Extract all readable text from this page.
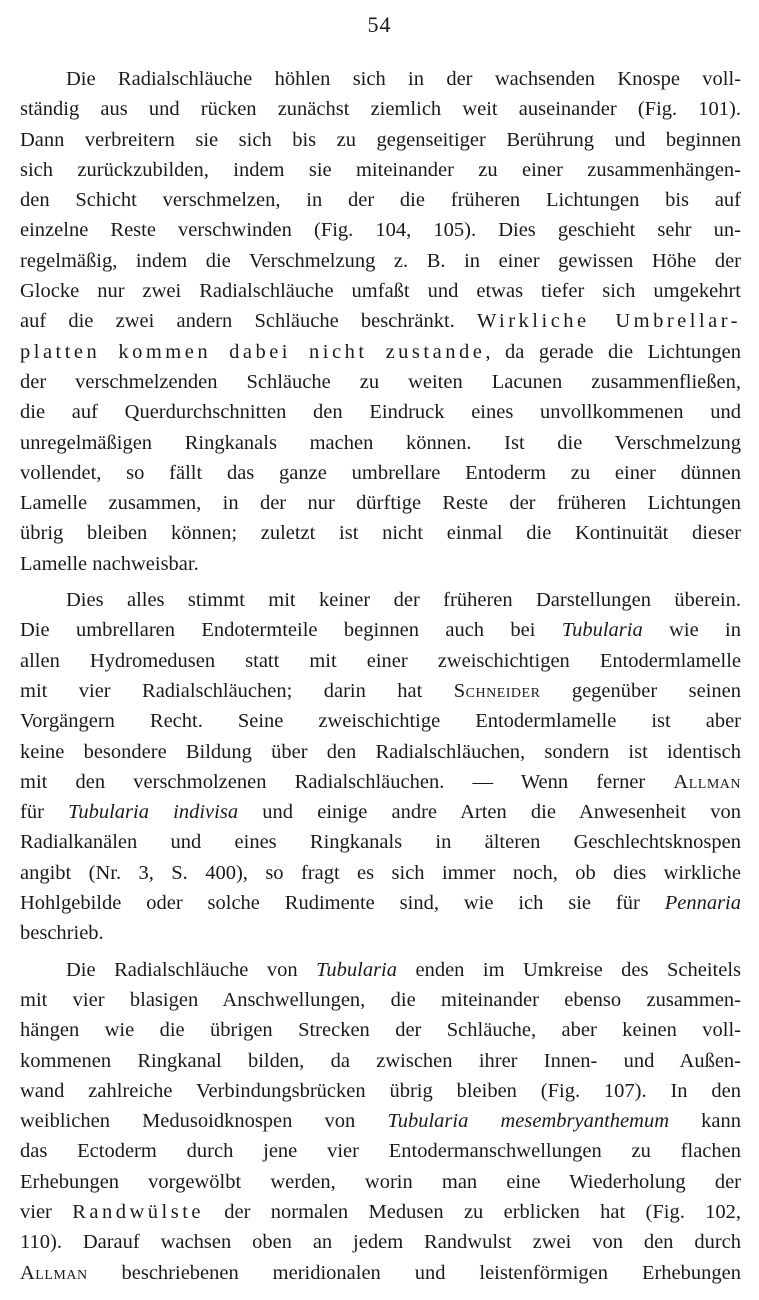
54
Die Radialschläuche höhlen sich in der wachsenden Knospe voll-
ständig aus und rücken zunächst ziemlich weit auseinander (Fig. 101).
Dann verbreitern sie sich bis zu gegenseitiger Berührung und beginnen
sich zurückzubilden, indem sie miteinander zu einer zusammenhängen-
den Schicht verschmelzen, in der die früheren Lichtungen bis auf
einzelne Reste verschwinden (Fig. 104, 105). Dies geschieht sehr un-
regelmäßig, indem die Verschmelzung z. B. in einer gewissen Höhe der
Glocke nur zwei Radialschläuche umfaßt und etwas tiefer sich umgekehrt
auf die zwei andern Schläuche beschränkt. Wirkliche Umbrellar-
platten kommen dabei nicht zustande, da gerade die Lichtungen
der verschmelzenden Schläuche zu weiten Lacunen zusammenfließen,
die auf Querdurchschnitten den Eindruck eines unvollkommenen und
unregelmäßigen Ringkanals machen können. Ist die Verschmelzung
vollendet, so fällt das ganze umbrellare Entoderm zu einer dünnen
Lamelle zusammen, in der nur dürftige Reste der früheren Lichtungen
übrig bleiben können; zuletzt ist nicht einmal die Kontinuität dieser
Lamelle nachweisbar.
Dies alles stimmt mit keiner der früheren Darstellungen überein.
Die umbrellaren Endotermteile beginnen auch bei Tubularia wie in
allen Hydromedusen statt mit einer zweischichtigen Entodermlamelle
mit vier Radialschläuchen; darin hat Schneider gegenüber seinen
Vorgängern Recht. Seine zweischichtige Entodermlamelle ist aber
keine besondere Bildung über den Radialschläuchen, sondern ist identisch
mit den verschmolzenen Radialschläuchen. — Wenn ferner Allman
für Tubularia indivisa und einige andre Arten die Anwesenheit von
Radialkanälen und eines Ringkanals in älteren Geschlechtsknospen
angibt (Nr. 3, S. 400), so fragt es sich immer noch, ob dies wirkliche
Hohlgebilde oder solche Rudimente sind, wie ich sie für Pennaria
beschrieb.
Die Radialschläuche von Tubularia enden im Umkreise des Scheitels
mit vier blasigen Anschwellungen, die miteinander ebenso zusammen-
hängen wie die übrigen Strecken der Schläuche, aber keinen voll-
kommenen Ringkanal bilden, da zwischen ihrer Innen- und Außen-
wand zahlreiche Verbindungsbrücken übrig bleiben (Fig. 107). In den
weiblichen Medusoidknospen von Tubularia mesembryanthemum kann
das Ectoderm durch jene vier Entodermanschwellungen zu flachen
Erhebungen vorgewölbt werden, worin man eine Wiederholung der
vier Randwülste der normalen Medusen zu erblicken hat (Fig. 102,
110). Darauf wachsen oben an jedem Randwulst zwei von den durch
Allman beschriebenen meridionalen und leistenförmigen Erhebungen
